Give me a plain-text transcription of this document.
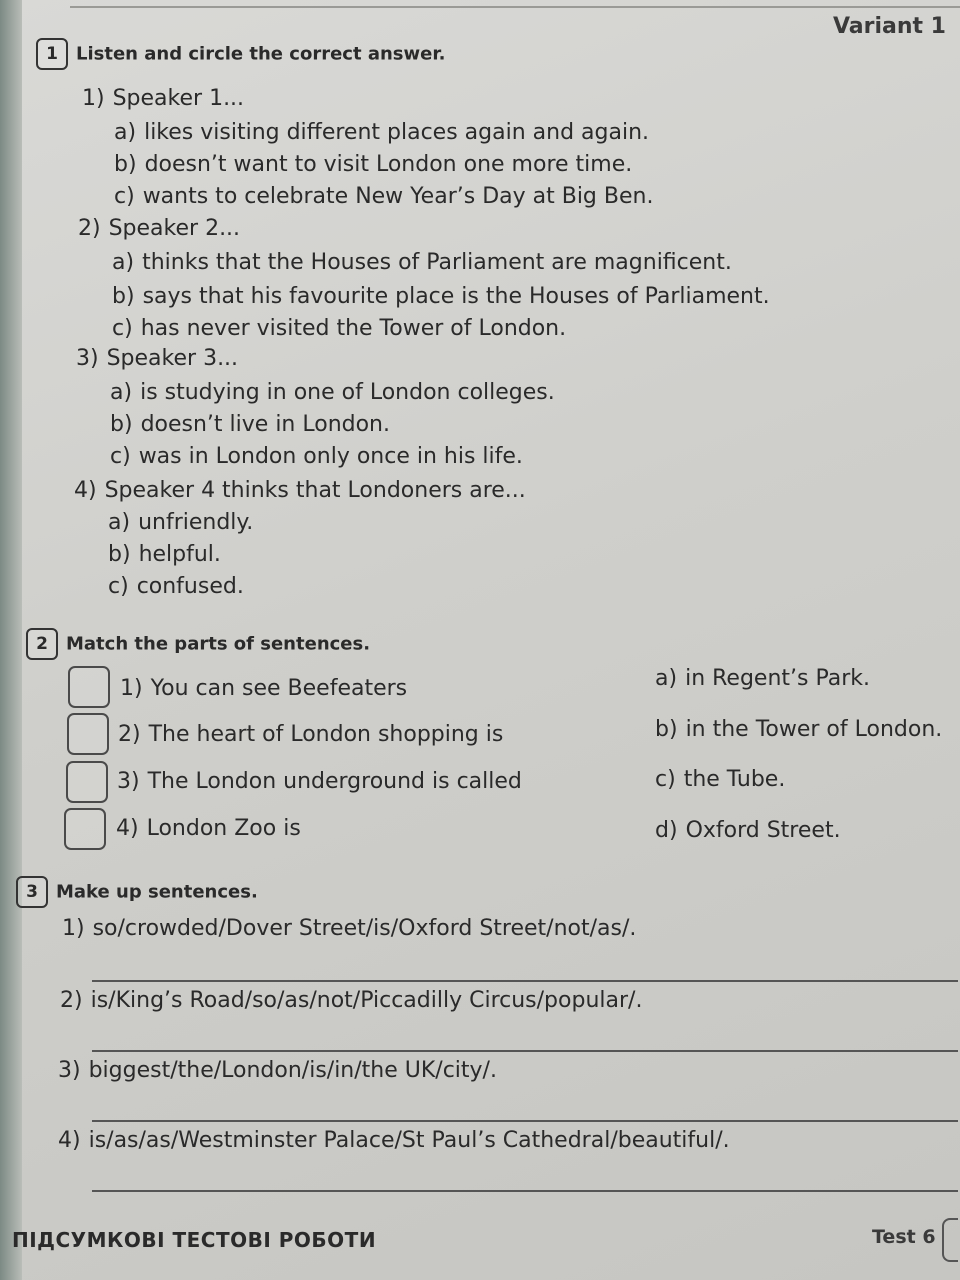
Variant 1
1 Listen and circle the correct answer.
1) Speaker 1...
a) likes visiting different places again and again.
b) doesn’t want to visit London one more time.
c) wants to celebrate New Year’s Day at Big Ben.
2) Speaker 2...
a) thinks that the Houses of Parliament are magnificent.
b) says that his favourite place is the Houses of Parliament.
c) has never visited the Tower of London.
3) Speaker 3...
a) is studying in one of London colleges.
b) doesn’t live in London.
c) was in London only once in his life.
4) Speaker 4 thinks that Londoners are...
a) unfriendly.
b) helpful.
c) confused.
2 Match the parts of sentences.
1) You can see Beefeaters
2) The heart of London shopping is
3) The London underground is called
4) London Zoo is
a) in Regent’s Park.
b) in the Tower of London.
c) the Tube.
d) Oxford Street.
3 Make up sentences.
1) so/crowded/Dover Street/is/Oxford Street/not/as/.
2) is/King’s Road/so/as/not/Piccadilly Circus/popular/.
3) biggest/the/London/is/in/the UK/city/.
4) is/as/as/Westminster Palace/St Paul’s Cathedral/beautiful/.
ПІДСУМКОВІ ТЕСТОВІ РОБОТИ	Test 6
